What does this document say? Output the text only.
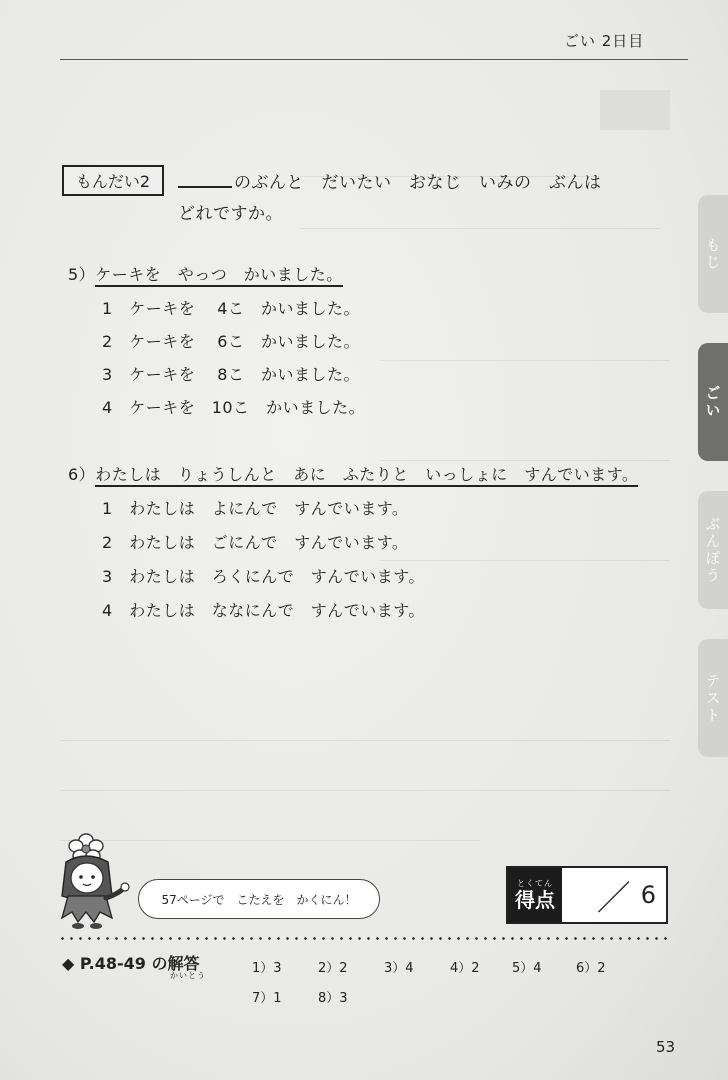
ごい 2日目
もじ
ごい
ぶんぽう
テスト
もんだい2	のぶんと　だいたい　おなじ　いみの　ぶんは
どれですか。
5）ケーキを　やっつ　かいました。
1　 ケーキを　 4こ　かいました。
2　 ケーキを　 6こ　かいました。
3　 ケーキを　 8こ　かいました。
4　 ケーキを　10こ　かいました。
6）わたしは　りょうしんと　あに　ふたりと　いっしょに　すんでいます。
1　 わたしは　よにんで　すんでいます。
2　 わたしは　ごにんで　すんでいます。
3　 わたしは　ろくにんで　すんでいます。
4　 わたしは　ななにんで　すんでいます。
57ページで　こたえを　かくにん！
とくてん
得点 ／ 6
◆ P.48-49 の解答
かいとう	1）3	2）2	3）4	4）2 5）4	6）2
7）1	8）3
53
